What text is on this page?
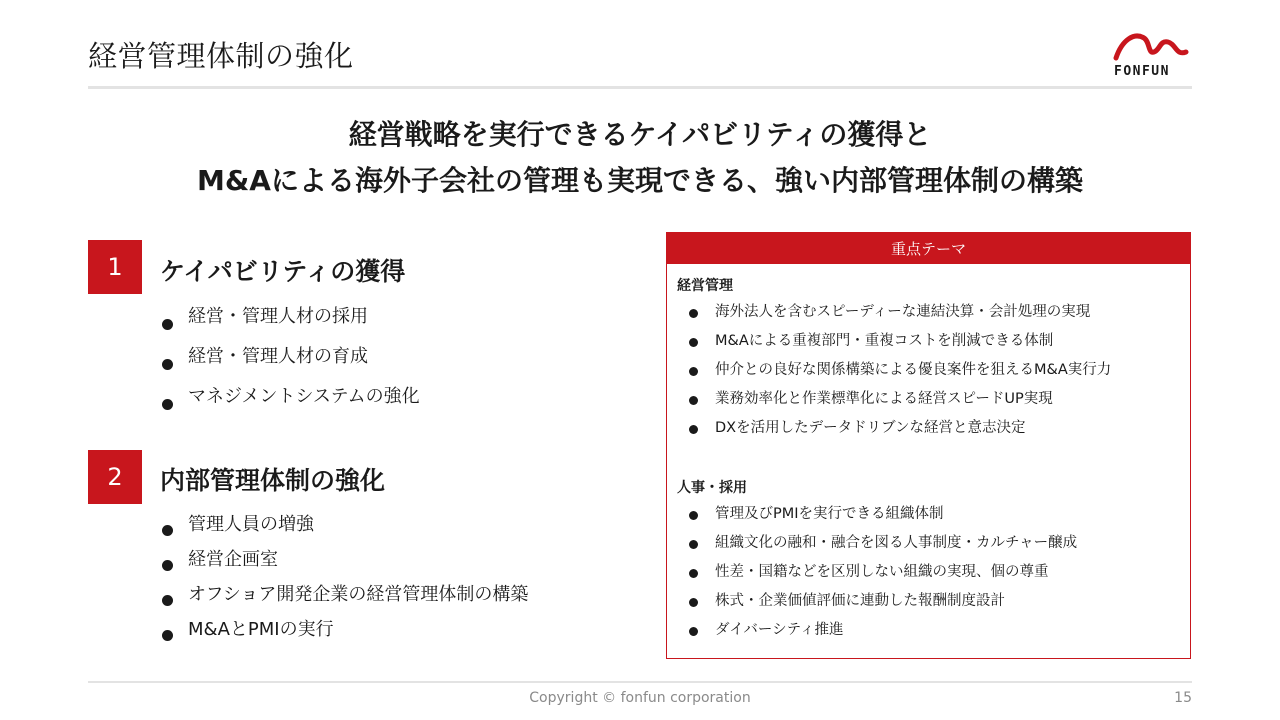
経営管理体制の強化	FONFUN
経営戦略を実行できるケイパビリティの獲得と
M&Aによる海外子会社の管理も実現できる、強い内部管理体制の構築
1	ケイパビリティの獲得
経営・管理人材の採用
経営・管理人材の育成
マネジメントシステムの強化
2	内部管理体制の強化
管理人員の増強
経営企画室
オフショア開発企業の経営管理体制の構築
M&AとPMIの実行
重点テーマ
経営管理
海外法人を含むスピーディーな連結決算・会計処理の実現
M&Aによる重複部門・重複コストを削減できる体制
仲介との良好な関係構築による優良案件を狙えるM&A実行力
業務効率化と作業標準化による経営スピードUP実現
DXを活用したデータドリブンな経営と意志決定
人事・採用
管理及びPMIを実行できる組織体制
組織文化の融和・融合を図る人事制度・カルチャー醸成
性差・国籍などを区別しない組織の実現、個の尊重
株式・企業価値評価に連動した報酬制度設計
ダイバーシティ推進
Copyright © fonfun corporation	15
